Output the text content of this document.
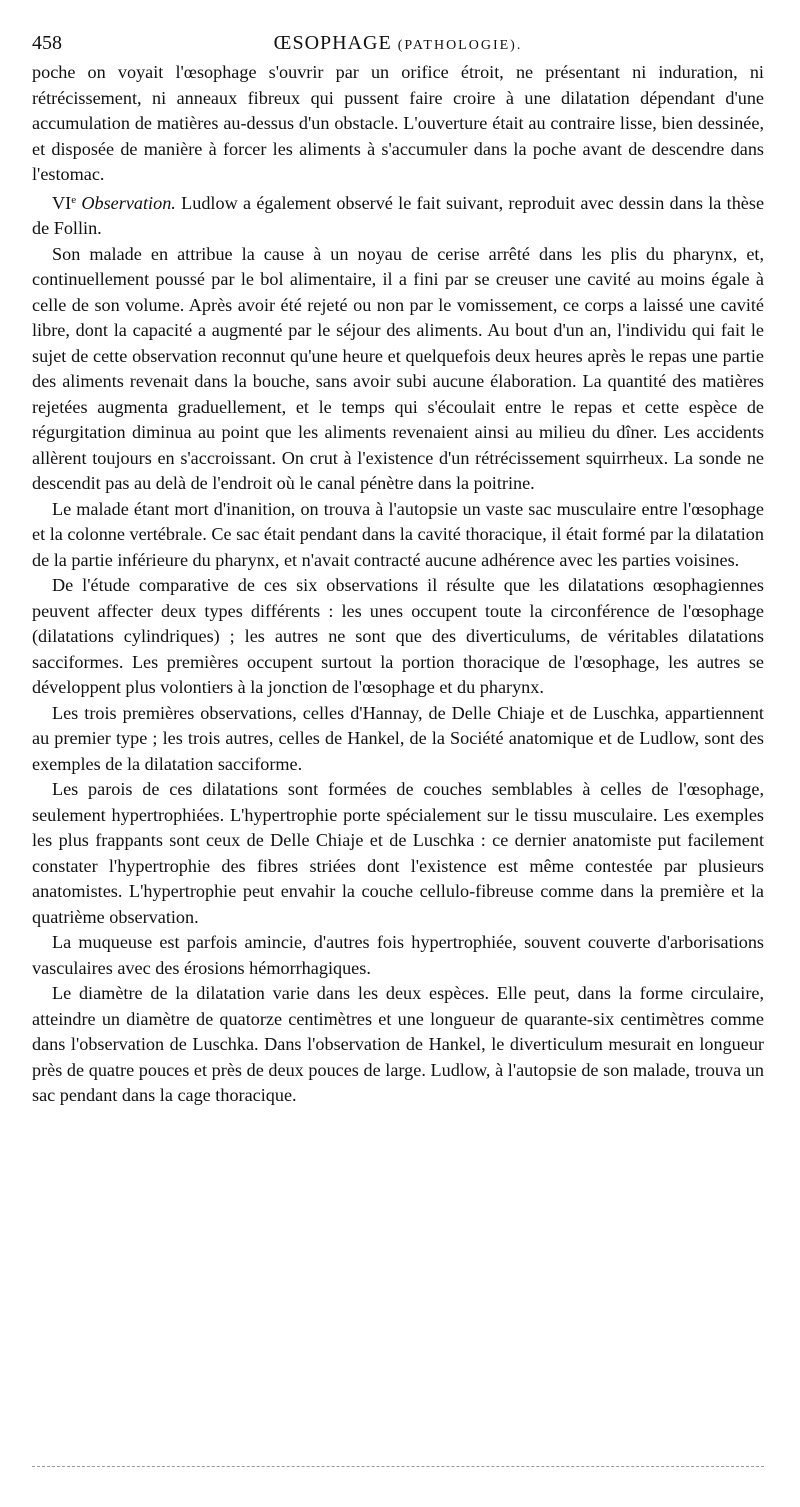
458	ŒSOPHAGE (PATHOLOGIE).

poche on voyait l'œsophage s'ouvrir par un orifice étroit, ne présentant ni induration, ni rétrécissement, ni anneaux fibreux qui pussent faire croire à une dilatation dépendant d'une accumulation de matières au-dessus d'un obstacle. L'ouverture était au contraire lisse, bien dessinée, et disposée de manière à forcer les aliments à s'accumuler dans la poche avant de descendre dans l'estomac.

VIe Observation. Ludlow a également observé le fait suivant, reproduit avec dessin dans la thèse de Follin.

Son malade en attribue la cause à un noyau de cerise arrêté dans les plis du pharynx, et, continuellement poussé par le bol alimentaire, il a fini par se creuser une cavité au moins égale à celle de son volume. Après avoir été rejeté ou non par le vomissement, ce corps a laissé une cavité libre, dont la capacité a augmenté par le séjour des aliments. Au bout d'un an, l'individu qui fait le sujet de cette observation reconnut qu'une heure et quelquefois deux heures après le repas une partie des aliments revenait dans la bouche, sans avoir subi aucune élaboration. La quantité des matières rejetées augmenta graduellement, et le temps qui s'écoulait entre le repas et cette espèce de régurgitation diminua au point que les aliments revenaient ainsi au milieu du dîner. Les accidents allèrent toujours en s'accroissant. On crut à l'existence d'un rétrécissement squirrheux. La sonde ne descendit pas au delà de l'endroit où le canal pénètre dans la poitrine.

Le malade étant mort d'inanition, on trouva à l'autopsie un vaste sac musculaire entre l'œsophage et la colonne vertébrale. Ce sac était pendant dans la cavité thoracique, il était formé par la dilatation de la partie inférieure du pharynx, et n'avait contracté aucune adhérence avec les parties voisines.

De l'étude comparative de ces six observations il résulte que les dilatations œsophagiennes peuvent affecter deux types différents : les unes occupent toute la circonférence de l'œsophage (dilatations cylindriques) ; les autres ne sont que des diverticulums, de véritables dilatations sacciformes. Les premières occupent surtout la portion thoracique de l'œsophage, les autres se développent plus volontiers à la jonction de l'œsophage et du pharynx.

Les trois premières observations, celles d'Hannay, de Delle Chiaje et de Luschka, appartiennent au premier type ; les trois autres, celles de Hankel, de la Société anatomique et de Ludlow, sont des exemples de la dilatation sacciforme.

Les parois de ces dilatations sont formées de couches semblables à celles de l'œsophage, seulement hypertrophiées. L'hypertrophie porte spécialement sur le tissu musculaire. Les exemples les plus frappants sont ceux de Delle Chiaje et de Luschka : ce dernier anatomiste put facilement constater l'hypertrophie des fibres striées dont l'existence est même contestée par plusieurs anatomistes. L'hypertrophie peut envahir la couche cellulo-fibreuse comme dans la première et la quatrième observation.

La muqueuse est parfois amincie, d'autres fois hypertrophiée, souvent couverte d'arborisations vasculaires avec des érosions hémorrhagiques.

Le diamètre de la dilatation varie dans les deux espèces. Elle peut, dans la forme circulaire, atteindre un diamètre de quatorze centimètres et une longueur de quarante-six centimètres comme dans l'observation de Luschka. Dans l'observation de Hankel, le diverticulum mesurait en longueur près de quatre pouces et près de deux pouces de large. Ludlow, à l'autopsie de son malade, trouva un sac pendant dans la cage thoracique.
